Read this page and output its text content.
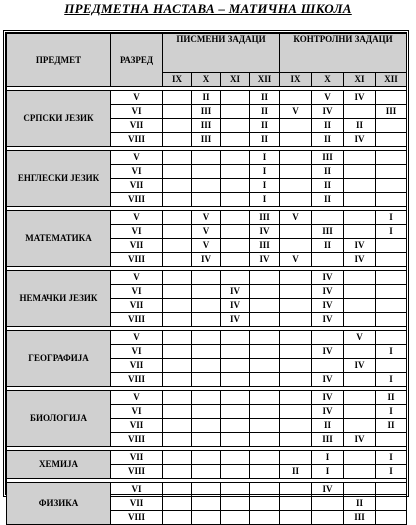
ПРЕДМЕТНА НАСТАВА – МАТИЧНА ШКОЛА
ПРЕДМЕТ	РАЗРЕД	ПИСМЕНИ ЗАДАЦИ				КОНТРОЛНИ ЗАДАЦИ			
		IX	X	XI	XII	IX	X	XI	XII

СРПСКИ ЈЕЗИК	V		II		II		V	IV	
	VI		III		II	V	IV		III
	VII		III		II		II	II	
	VIII		III		II		II	IV	

ЕНГЛЕСКИ ЈЕЗИК	V				I		III		
	VI				I		II		
	VII				I		II		
	VIII				I		II		

МАТЕМАТИКА	V		V		III	V			I
	VI		V		IV		III		I
	VII		V		III		II	IV	
	VIII		IV		IV	V		IV	

НЕМАЧКИ ЈЕЗИК	V						IV		
	VI			IV			IV		
	VII			IV			IV		
	VIII			IV			IV		

ГЕОГРАФИЈА	V							V	
	VI						IV		I
	VII							IV	
	VIII						IV		I

БИОЛОГИЈА	V						IV		II
	VI						IV		I
	VII						II		II
	VIII						III	IV	

ХЕМИЈА	VII						I		I
	VIII					II	I		I

ФИЗИКА	VI						IV		
	VII							II	
	VIII							III	
